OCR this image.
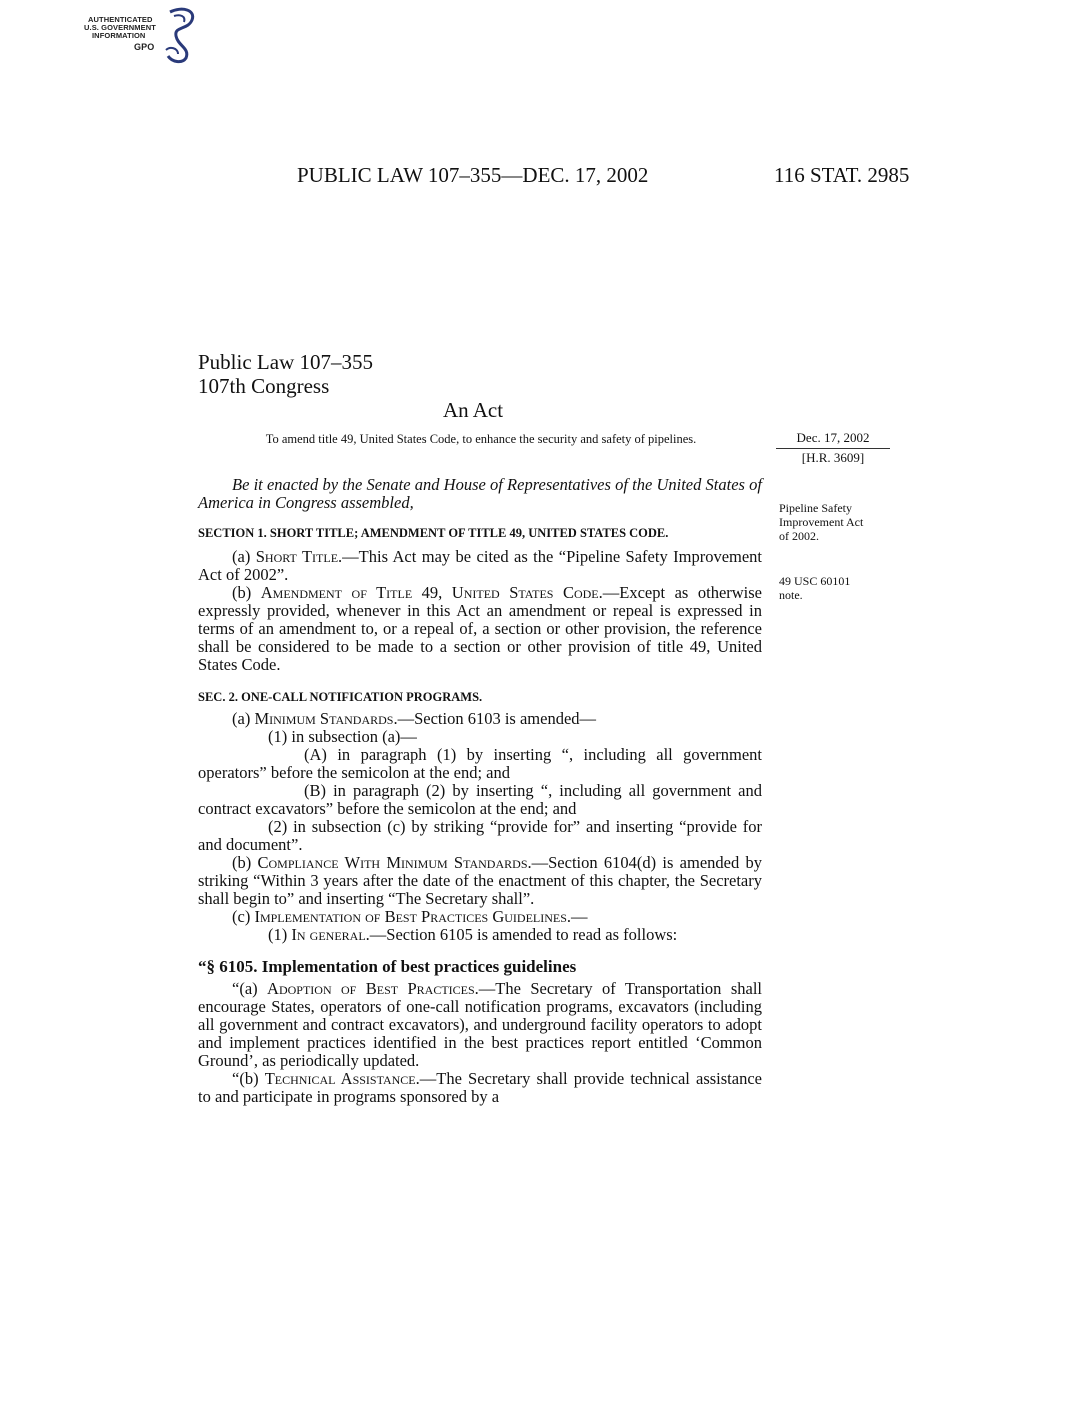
AUTHENTICATED
U.S. GOVERNMENT
INFORMATION
GPO
PUBLIC LAW 107–355—DEC. 17, 2002	116 STAT. 2985
Public Law 107–355
107th Congress
An Act
To amend title 49, United States Code, to enhance the security and safety of pipelines.	Dec. 17, 2002
[H.R. 3609]
Pipeline Safety
Improvement Act
of 2002.
49 USC 60101
note.

Be it enacted by the Senate and House of Representatives of the United States of America in Congress assembled,

SECTION 1. SHORT TITLE; AMENDMENT OF TITLE 49, UNITED STATES CODE.

(a) Short Title.—This Act may be cited as the “Pipeline Safety Improvement Act of 2002”.

(b) Amendment of Title 49, United States Code.—Except as otherwise expressly provided, whenever in this Act an amendment or repeal is expressed in terms of an amendment to, or a repeal of, a section or other provision, the reference shall be considered to be made to a section or other provision of title 49, United States Code.

SEC. 2. ONE-CALL NOTIFICATION PROGRAMS.

(a) Minimum Standards.—Section 6103 is amended—

(1) in subsection (a)—

(A) in paragraph (1) by inserting “, including all government operators” before the semicolon at the end; and

(B) in paragraph (2) by inserting “, including all government and contract excavators” before the semicolon at the end; and

(2) in subsection (c) by striking “provide for” and inserting “provide for and document”.

(b) Compliance With Minimum Standards.—Section 6104(d) is amended by striking “Within 3 years after the date of the enactment of this chapter, the Secretary shall begin to” and inserting “The Secretary shall”.

(c) Implementation of Best Practices Guidelines.—

(1) In general.—Section 6105 is amended to read as follows:

“§ 6105. Implementation of best practices guidelines

“(a) Adoption of Best Practices.—The Secretary of Transportation shall encourage States, operators of one-call notification programs, excavators (including all government and contract excavators), and underground facility operators to adopt and implement practices identified in the best practices report entitled ‘Common Ground’, as periodically updated.

“(b) Technical Assistance.—The Secretary shall provide technical assistance to and participate in programs sponsored by a
